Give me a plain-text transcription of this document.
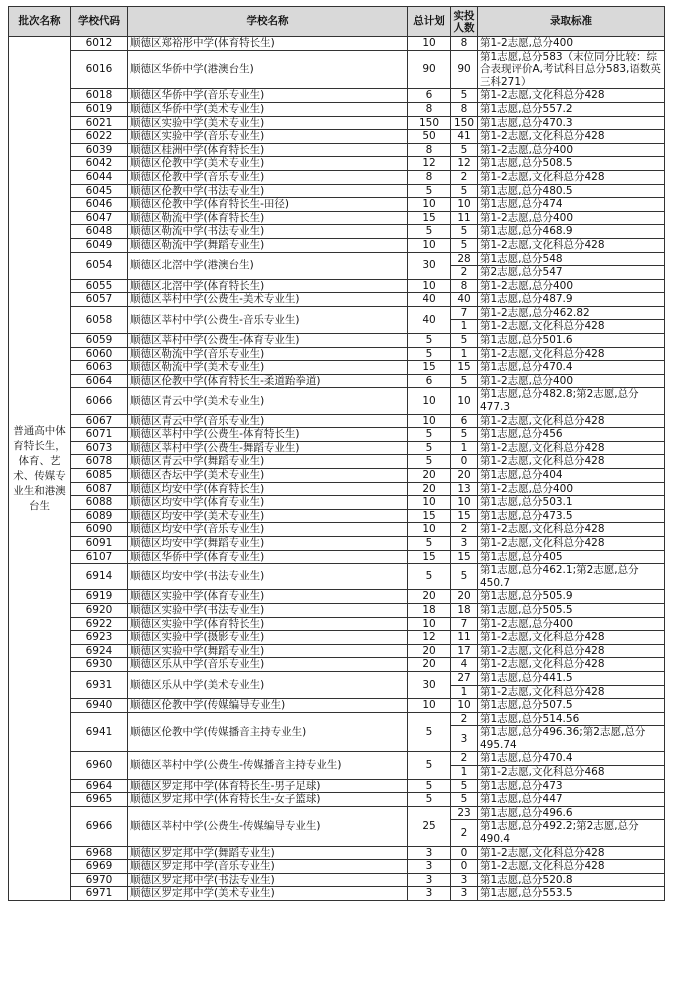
批次名称	学校代码	学校名称	总计划	实投人数	录取标准
普通高中体育特长生，体育、艺术、传媒专业生和港澳台生	6012	顺德区郑裕彤中学(体育特长生)	10	8	第1-2志愿,总分400
	6016	顺德区华侨中学(港澳台生)	90	90	第1志愿,总分583（末位同分比较：综合表现评价A,考试科目总分583,语数英三科271）
	6018	顺德区华侨中学(音乐专业生)	6	5	第1-2志愿,文化科总分428
	6019	顺德区华侨中学(美术专业生)	8	8	第1志愿,总分557.2
	6021	顺德区实验中学(美术专业生)	150	150	第1志愿,总分470.3
	6022	顺德区实验中学(音乐专业生)	50	41	第1-2志愿,文化科总分428
	6039	顺德区桂洲中学(体育特长生)	8	5	第1-2志愿,总分400
	6042	顺德区伦教中学(美术专业生)	12	12	第1志愿,总分508.5
	6044	顺德区伦教中学(音乐专业生)	8	2	第1-2志愿,文化科总分428
	6045	顺德区伦教中学(书法专业生)	5	5	第1志愿,总分480.5
	6046	顺德区伦教中学(体育特长生-田径)	10	10	第1志愿,总分474
	6047	顺德区勒流中学(体育特长生)	15	11	第1-2志愿,总分400
	6048	顺德区勒流中学(书法专业生)	5	5	第1志愿,总分468.9
	6049	顺德区勒流中学(舞蹈专业生)	10	5	第1-2志愿,文化科总分428
	6054	顺德区北滘中学(港澳台生)	30	28	第1志愿,总分548
				2	第2志愿,总分547
	6055	顺德区北滘中学(体育特长生)	10	8	第1-2志愿,总分400
	6057	顺德区莘村中学(公费生-美术专业生)	40	40	第1志愿,总分487.9
	6058	顺德区莘村中学(公费生-音乐专业生)	40	7	第1-2志愿,总分462.82
				1	第1-2志愿,文化科总分428
	6059	顺德区莘村中学(公费生-体育专业生)	5	5	第1志愿,总分501.6
	6060	顺德区勒流中学(音乐专业生)	5	1	第1-2志愿,文化科总分428
	6063	顺德区勒流中学(美术专业生)	15	15	第1志愿,总分470.4
	6064	顺德区伦教中学(体育特长生-柔道跆拳道)	6	5	第1-2志愿,总分400
	6066	顺德区青云中学(美术专业生)	10	10	第1志愿,总分482.8;第2志愿,总分477.3
	6067	顺德区青云中学(音乐专业生)	10	6	第1-2志愿,文化科总分428
	6071	顺德区莘村中学(公费生-体育特长生)	5	5	第1志愿,总分456
	6073	顺德区莘村中学(公费生-舞蹈专业生)	5	1	第1-2志愿,文化科总分428
	6078	顺德区青云中学(舞蹈专业生)	5	0	第1-2志愿,文化科总分428
	6085	顺德区杏坛中学(美术专业生)	20	20	第1志愿,总分404
	6087	顺德区均安中学(体育特长生)	20	13	第1-2志愿,总分400
	6088	顺德区均安中学(体育专业生)	10	10	第1志愿,总分503.1
	6089	顺德区均安中学(美术专业生)	15	15	第1志愿,总分473.5
	6090	顺德区均安中学(音乐专业生)	10	2	第1-2志愿,文化科总分428
	6091	顺德区均安中学(舞蹈专业生)	5	3	第1-2志愿,文化科总分428
	6107	顺德区华侨中学(体育专业生)	15	15	第1志愿,总分405
	6914	顺德区均安中学(书法专业生)	5	5	第1志愿,总分462.1;第2志愿,总分450.7
	6919	顺德区实验中学(体育专业生)	20	20	第1志愿,总分505.9
	6920	顺德区实验中学(书法专业生)	18	18	第1志愿,总分505.5
	6922	顺德区实验中学(体育特长生)	10	7	第1-2志愿,总分400
	6923	顺德区实验中学(摄影专业生)	12	11	第1-2志愿,文化科总分428
	6924	顺德区实验中学(舞蹈专业生)	20	17	第1-2志愿,文化科总分428
	6930	顺德区乐从中学(音乐专业生)	20	4	第1-2志愿,文化科总分428
	6931	顺德区乐从中学(美术专业生)	30	27	第1志愿,总分441.5
				1	第1-2志愿,文化科总分428
	6940	顺德区伦教中学(传媒编导专业生)	10	10	第1志愿,总分507.5
	6941	顺德区伦教中学(传媒播音主持专业生)	5	2	第1志愿,总分514.56
				3	第1志愿,总分496.36;第2志愿,总分495.74
	6960	顺德区莘村中学(公费生-传媒播音主持专业生)	5	2	第1志愿,总分470.4
				1	第1-2志愿,文化科总分468
	6964	顺德区罗定邦中学(体育特长生-男子足球)	5	5	第1志愿,总分473
	6965	顺德区罗定邦中学(体育特长生-女子篮球)	5	5	第1志愿,总分447
	6966	顺德区莘村中学(公费生-传媒编导专业生)	25	23	第1志愿,总分496.6
				2	第1志愿,总分492.2;第2志愿,总分490.4
	6968	顺德区罗定邦中学(舞蹈专业生)	3	0	第1-2志愿,文化科总分428
	6969	顺德区罗定邦中学(音乐专业生)	3	0	第1-2志愿,文化科总分428
	6970	顺德区罗定邦中学(书法专业生)	3	3	第1志愿,总分520.8
	6971	顺德区罗定邦中学(美术专业生)	3	3	第1志愿,总分553.5
